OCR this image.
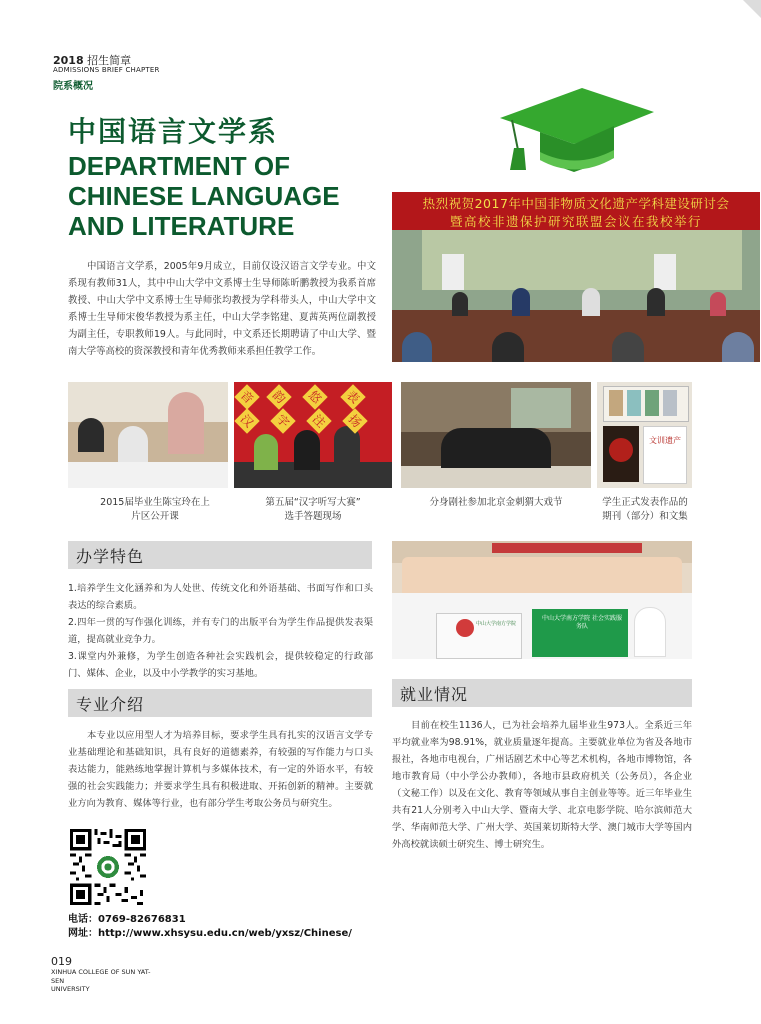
2018 招生简章
ADMISSIONS BRIEF CHAPTER
院系概况
中国语言文学系
DEPARTMENT OF
CHINESE LANGUAGE
AND LITERATURE
中国语言文学系，2005年9月成立，目前仅设汉语言文学专业。中文系现有教师31人，其中中山大学中文系博士生导师陈昕鹏教授为我系首席教授、中山大学中文系博士生导师张均教授为学科带头人，中山大学中文系博士生导师宋俊华教授为系主任，中山大学李铭建、夏茜英两位副教授为副主任，专职教师19人。与此同时，中文系还长期聘请了中山大学、暨南大学等高校的资深教授和青年优秀教师来系担任教学工作。
热烈祝贺2017年中国非物质文化遗产学科建设研讨会
暨高校非遗保护研究联盟会议在我校举行
音 韵 悠 表
汉 字 注 扬
文训遗产
2015届毕业生陈宝玲在上
片区公开课
第五届“汉字听写大赛”
选手答题现场
分身剧社参加北京金刺猬大戏节	学生正式发表作品的
期刊（部分）和文集
办学特色
1.培养学生文化涵养和为人处世、传统文化和外语基础、书面写作和口头表达的综合素质。
2.四年一贯的写作强化训练，并有专门的出版平台为学生作品提供发表渠道，提高就业竞争力。
3.课堂内外兼修，为学生创造各种社会实践机会，提供较稳定的行政部门、媒体、企业，以及中小学教学的实习基地。
中山大学南方学院
中山大学南方学院 社会实践服务队
专业介绍
本专业以应用型人才为培养目标，要求学生具有扎实的汉语言文学专业基础理论和基础知识，具有良好的道德素养，有较强的写作能力与口头表达能力，能熟练地掌握计算机与多媒体技术，有一定的外语水平，有较强的社会实践能力；并要求学生具有积极进取、开拓创新的精神。主要就业方向为教育、媒体等行业，也有部分学生考取公务员与研究生。
就业情况
目前在校生1136人，已为社会培养九届毕业生973人。全系近三年平均就业率为98.91%，就业质量逐年提高。主要就业单位为省及各地市报社，各地市电视台，广州话剧艺术中心等艺术机构，各地市博物馆，各地市教育局（中小学公办教师），各地市县政府机关（公务员），各企业（文秘工作）以及在文化、教育等领域从事自主创业等等。近三年毕业生共有21人分别考入中山大学、暨南大学、北京电影学院、哈尔滨师范大学、华南师范大学、广州大学、英国莱切斯特大学、澳门城市大学等国内外高校就读硕士研究生、博士研究生。
电话：0769-82676831
网址：http://www.xhsysu.edu.cn/web/yxsz/Chinese/
019
XINHUA COLLEGE OF SUN YAT-SEN
UNIVERSITY
